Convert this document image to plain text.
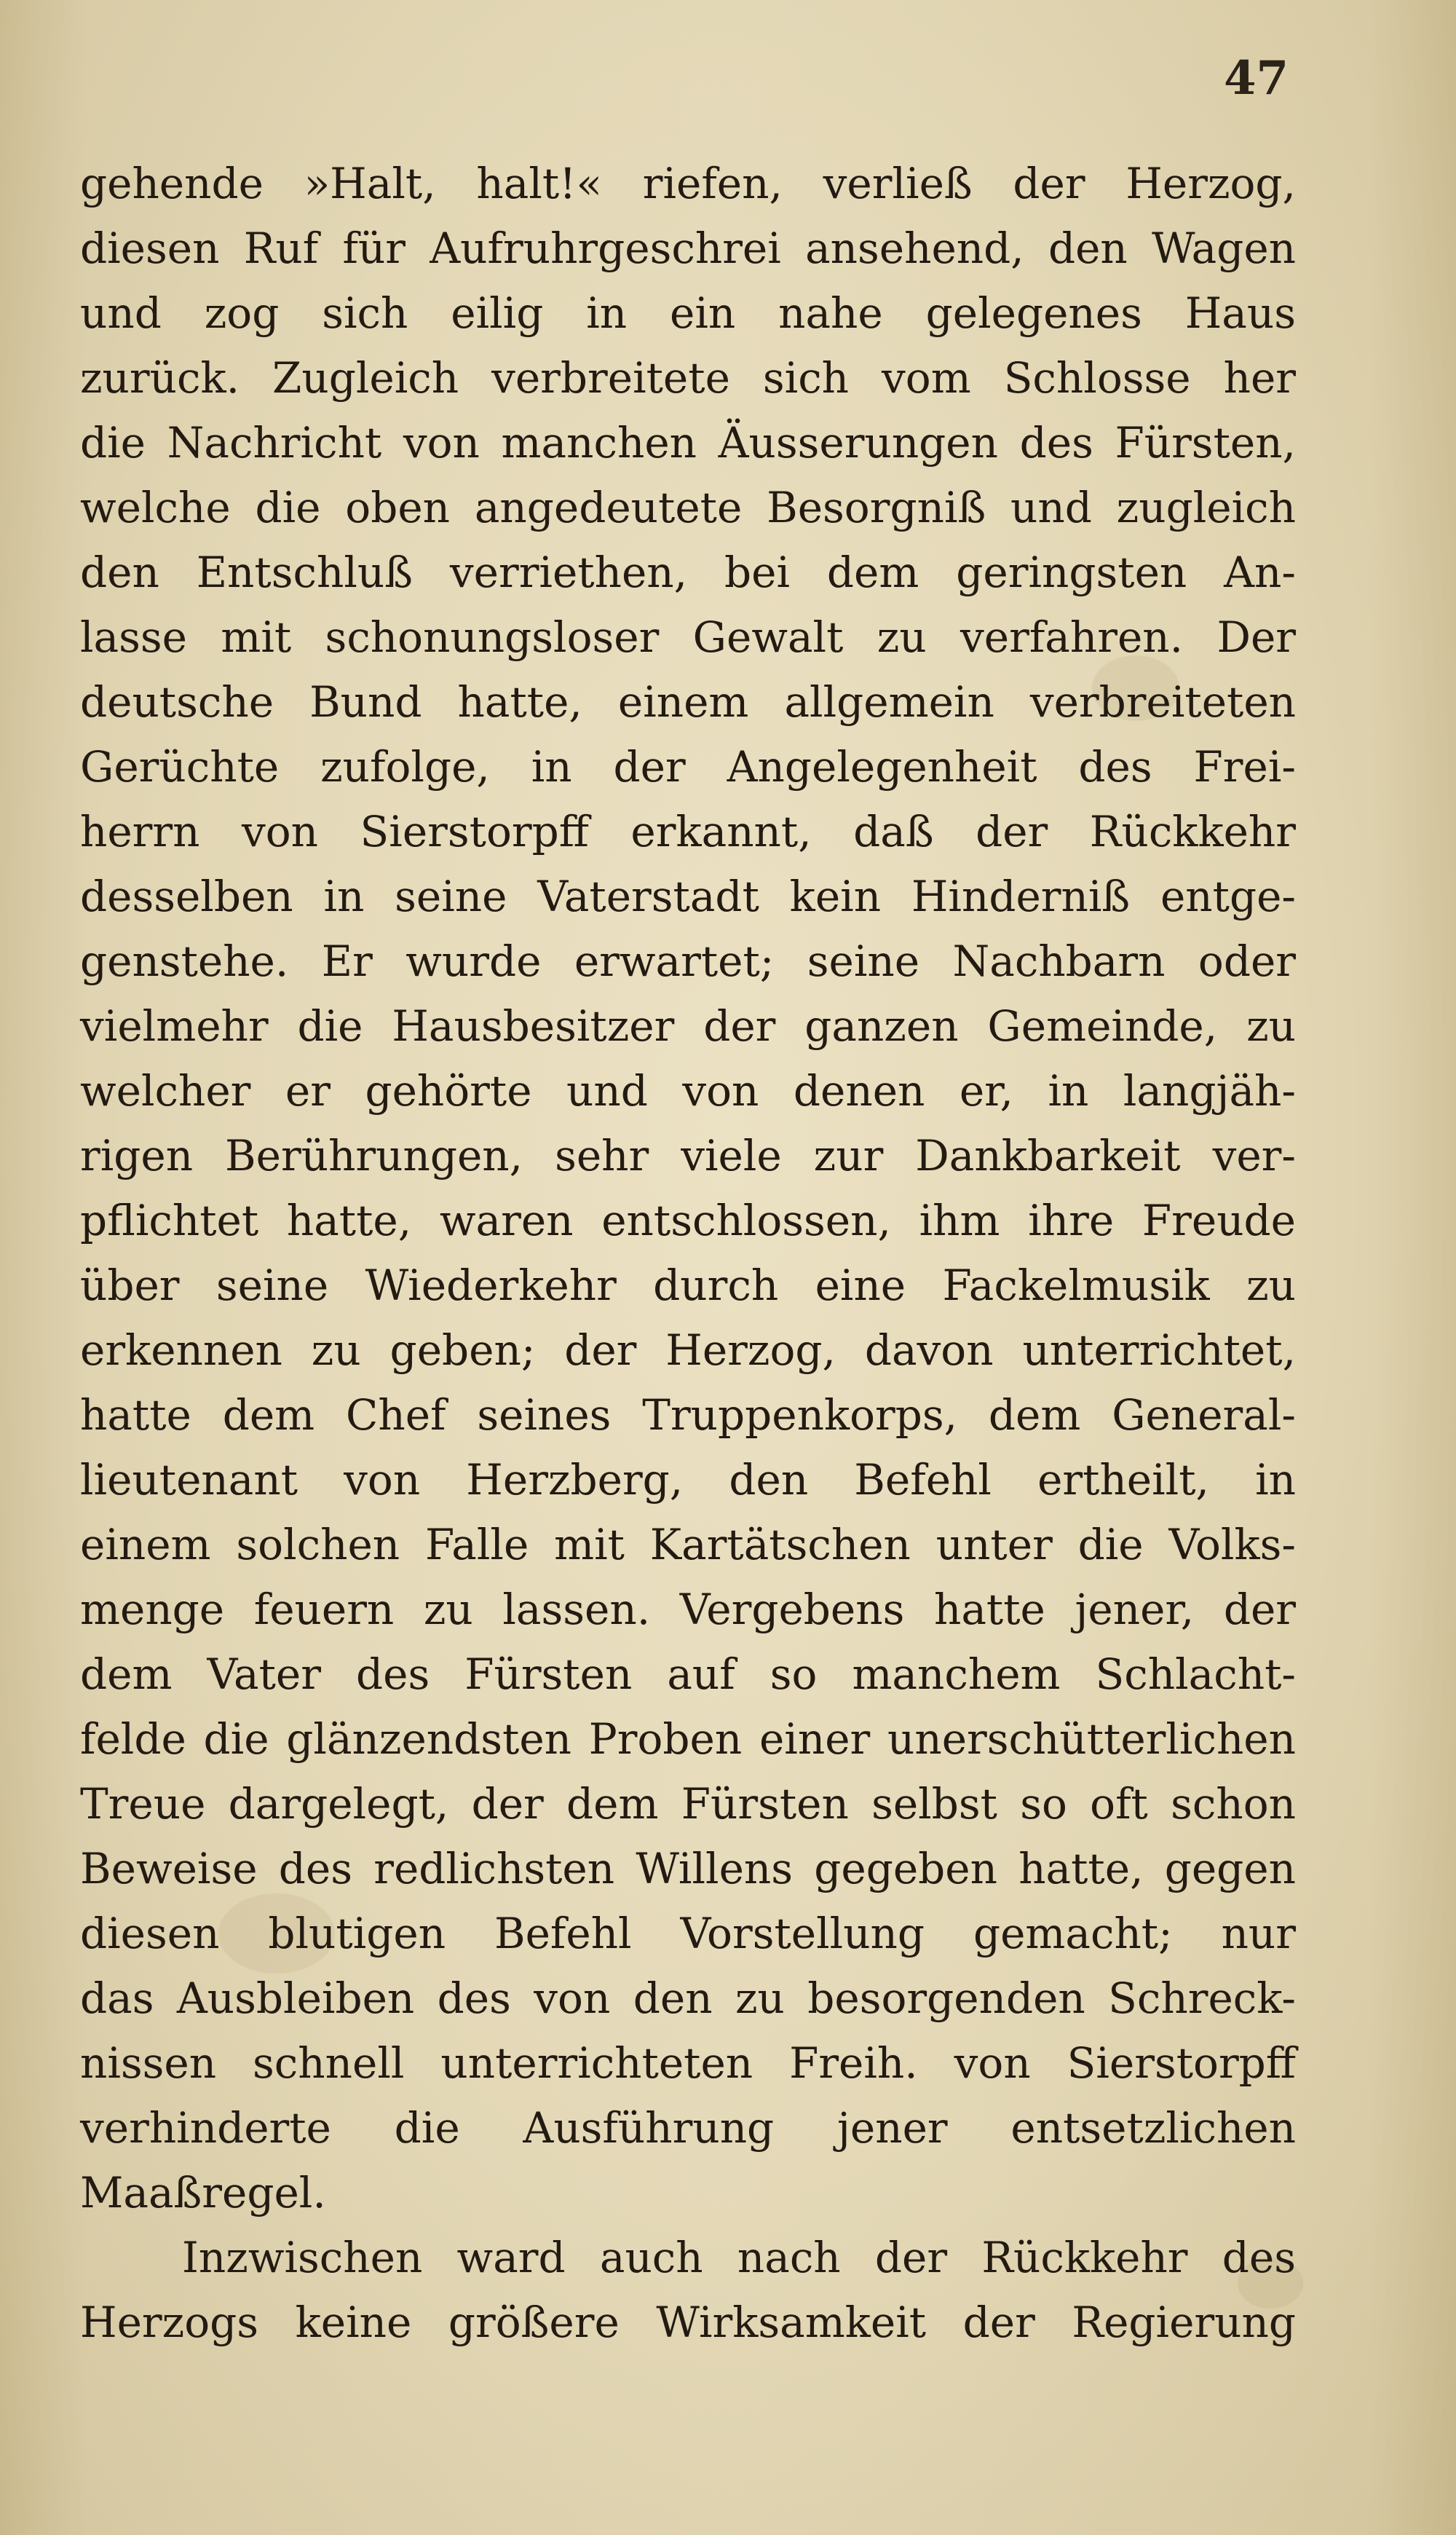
47
gehende »Halt, halt!« riefen, verließ der Herzog,
diesen Ruf für Aufruhrgeschrei ansehend, den Wagen
und zog sich eilig in ein nahe gelegenes Haus
zurück. Zugleich verbreitete sich vom Schlosse her
die Nachricht von manchen Äusserungen des Fürsten,
welche die oben angedeutete Besorgniß und zugleich
den Entschluß verriethen, bei dem geringsten An-
lasse mit schonungsloser Gewalt zu verfahren. Der
deutsche Bund hatte, einem allgemein verbreiteten
Gerüchte zufolge, in der Angelegenheit des Frei-
herrn von Sierstorpff erkannt, daß der Rückkehr
desselben in seine Vaterstadt kein Hinderniß entge-
genstehe. Er wurde erwartet; seine Nachbarn oder
vielmehr die Hausbesitzer der ganzen Gemeinde, zu
welcher er gehörte und von denen er, in langjäh-
rigen Berührungen, sehr viele zur Dankbarkeit ver-
pflichtet hatte, waren entschlossen, ihm ihre Freude
über seine Wiederkehr durch eine Fackelmusik zu
erkennen zu geben; der Herzog, davon unterrichtet,
hatte dem Chef seines Truppenkorps, dem General-
lieutenant von Herzberg, den Befehl ertheilt, in
einem solchen Falle mit Kartätschen unter die Volks-
menge feuern zu lassen. Vergebens hatte jener, der
dem Vater des Fürsten auf so manchem Schlacht-
felde die glänzendsten Proben einer unerschütterlichen
Treue dargelegt, der dem Fürsten selbst so oft schon
Beweise des redlichsten Willens gegeben hatte, gegen
diesen blutigen Befehl Vorstellung gemacht; nur
das Ausbleiben des von den zu besorgenden Schreck-
nissen schnell unterrichteten Freih. von Sierstorpff
verhinderte die Ausführung jener entsetzlichen
Maaßregel.
Inzwischen ward auch nach der Rückkehr des
Herzogs keine größere Wirksamkeit der Regierung
